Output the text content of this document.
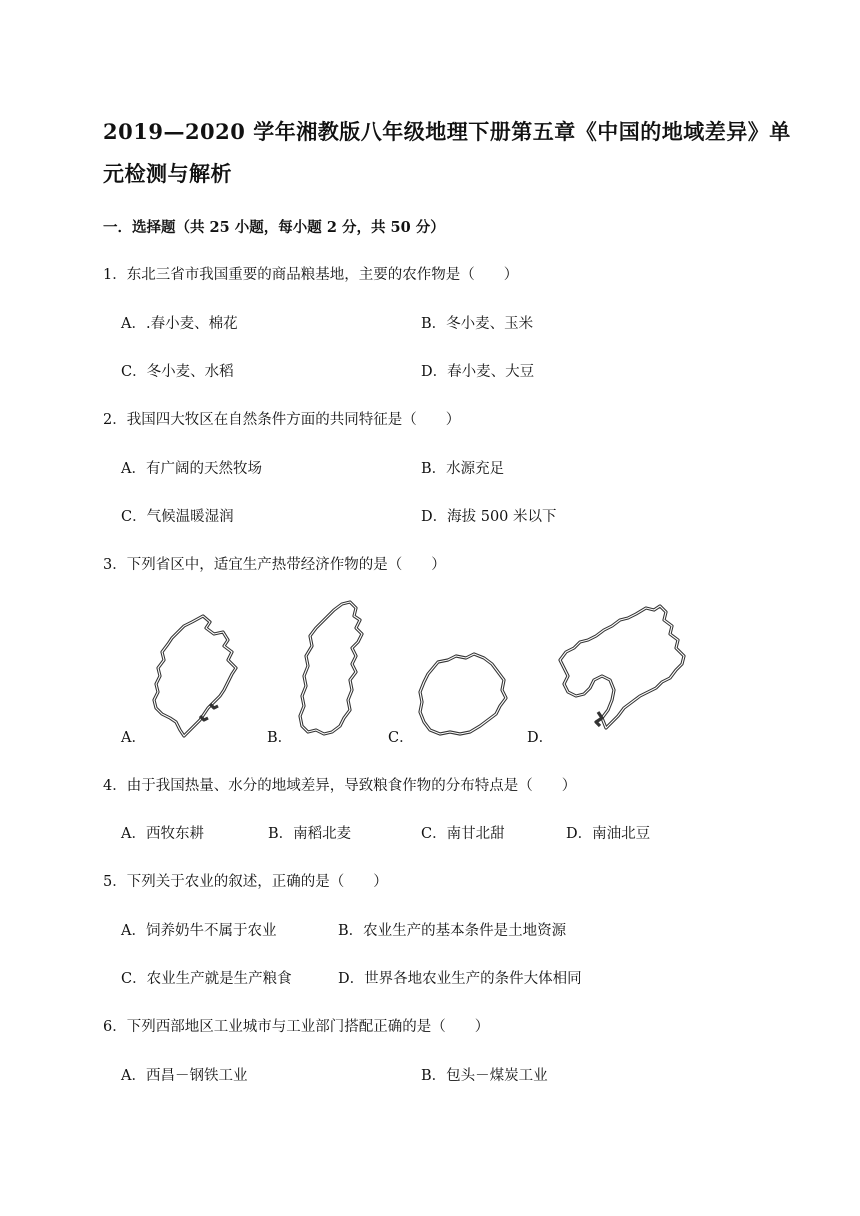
2019—2020 学年湘教版八年级地理下册第五章《中国的地域差异》单
元检测与解析
一．选择题（共 25 小题，每小题 2 分，共 50 分）
1．东北三省市我国重要的商品粮基地，主要的农作物是（　　）
A．.春小麦、棉花	B．冬小麦、玉米
C．冬小麦、水稻	D．春小麦、大豆
2．我国四大牧区在自然条件方面的共同特征是（　　）
A．有广阔的天然牧场	B．水源充足
C．气候温暖湿润	D．海拔 500 米以下
3．下列省区中，适宜生产热带经济作物的是（　　）
A．	B．	C．	D．
4．由于我国热量、水分的地域差异，导致粮食作物的分布特点是（　　）
A．西牧东耕	B．南稻北麦	C．南甘北甜	D．南油北豆
5．下列关于农业的叙述，正确的是（　　）
A．饲养奶牛不属于农业	B．农业生产的基本条件是土地资源
C．农业生产就是生产粮食	D．世界各地农业生产的条件大体相同
6．下列西部地区工业城市与工业部门搭配正确的是（　　）
A．西昌－钢铁工业	B．包头－煤炭工业
